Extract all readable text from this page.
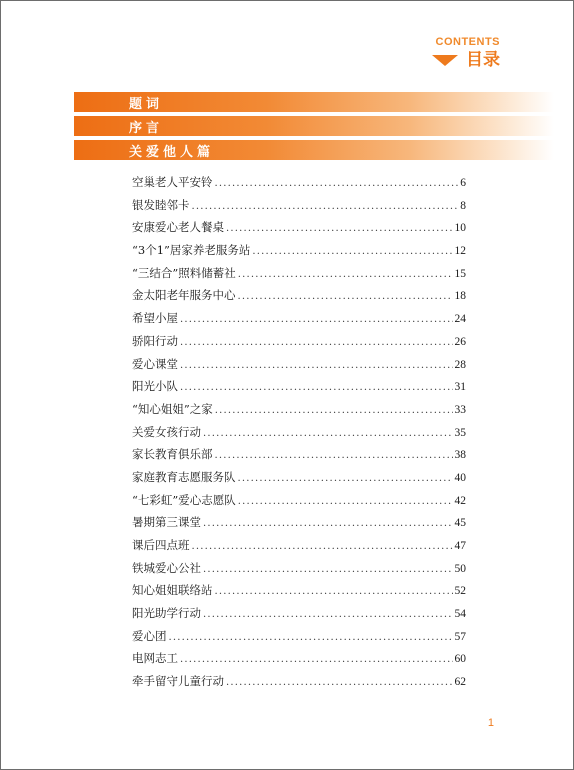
CONTENTS
目录
题词
序言
关爱他人篇
空巢老人平安铃 .....	6
银发睦邻卡 .....	8
安康爱心老人餐桌 .....	10
“3个1”居家养老服务站 .....	12
“三结合”照料储蓄社 .....	15
金太阳老年服务中心 .....	18
希望小屋 .....	24
骄阳行动 .....	26
爱心课堂 .....	28
阳光小队 .....	31
“知心姐姐”之家 .....	33
关爱女孩行动 .....	35
家长教育俱乐部 .....	38
家庭教育志愿服务队 .....	40
“七彩虹”爱心志愿队 .....	42
暑期第三课堂 .....	45
课后四点班 .....	47
铁城爱心公社 .....	50
知心姐姐联络站 .....	52
阳光助学行动 .....	54
爱心团 .....	57
电网志工 .....	60
牵手留守儿童行动 .....	62
1
